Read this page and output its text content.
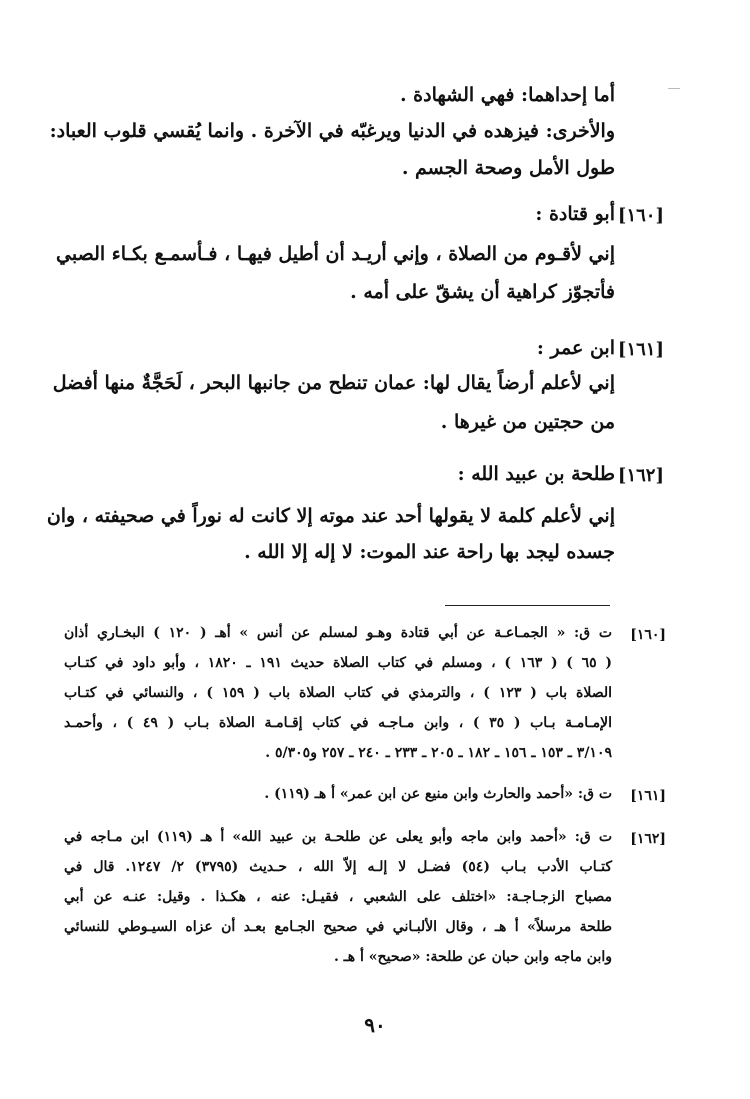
أما إحداهما: فهي الشهادة .
والأخرى: فيزهده في الدنيا ويرغبّه في الآخرة . وانما يُقسي قلوب العباد:
طول الأمل وصحة الجسم .
[١٦٠]
أبو قتادة :
إني لأقـوم من الصلاة ، وإني أريـد أن أطيل فيهـا ، فـأسمـع بكـاء الصبي
فأتجوّز كراهية أن يشقّ على أمه .
[١٦١]
ابن عمر :
إني لأعلم أرضاً يقال لها: عمان تنطح من جانبها البحر ، لَحَجَّةٌ منها أفضل
من حجتين من غيرها .
[١٦٢]
طلحة بن عبيد الله :
إني لأعلم كلمة لا يقولها أحد عند موته إلا كانت له نوراً في صحيفته ، وان
جسده ليجد بها راحة عند الموت: لا إله إلا الله .
[١٦٠]
ت ق: « الجمـاعـة عن أبي قتادة وهـو لمسلم عن أنس » أهـ ( ١٢٠ ) البخـاري أذان
( ٦٥ ) ( ١٦٣ ) ، ومسلم في كتاب الصلاة حديث ١٩١ ـ ١٨٢٠ ، وأبو داود في كتـاب
الصلاة باب ( ١٢٣ ) ، والترمذي في كتاب الصلاة باب ( ١٥٩ ) ، والنسائي في كتـاب
الإمـامـة بـاب ( ٣٥ ) ، وابن مـاجـه في كتاب إقـامـة الصلاة بـاب ( ٤٩ ) ، وأحمـد
٣/١٠٩ ـ ١٥٣ ـ ١٥٦ ـ ١٨٢ ـ ٢٠٥ ـ ٢٣٣ ـ ٢٤٠ ـ ٢٥٧ و٥/٣٠٥ .
[١٦١]
ت ق: «أحمد والحارث وابن منيع عن ابن عمر» أ هـ (١١٩) .
[١٦٢]
ت ق: «أحمد وابن ماجه وأبو يعلى عن طلحـة بن عبيد الله» أ هـ (١١٩) ابن مـاجه في
كتـاب الأدب بـاب (٥٤) فضـل لا إلـه إلاّ الله ، حـديث (٣٧٩٥) ٢/ ١٢٤٧. قال في
مصباح الزجـاجـة: «اختلف على الشعبي ، فقيـل: عنه ، هكـذا . وقيل: عنـه عن أبي
طلحة مرسلاً» أ هـ ، وقال الألبـاني في صحيح الجـامع بعـد أن عزاه السيـوطي للنسائي
وابن ماجه وابن حبان عن طلحة: «صحيح» أ هـ .
٩٠
